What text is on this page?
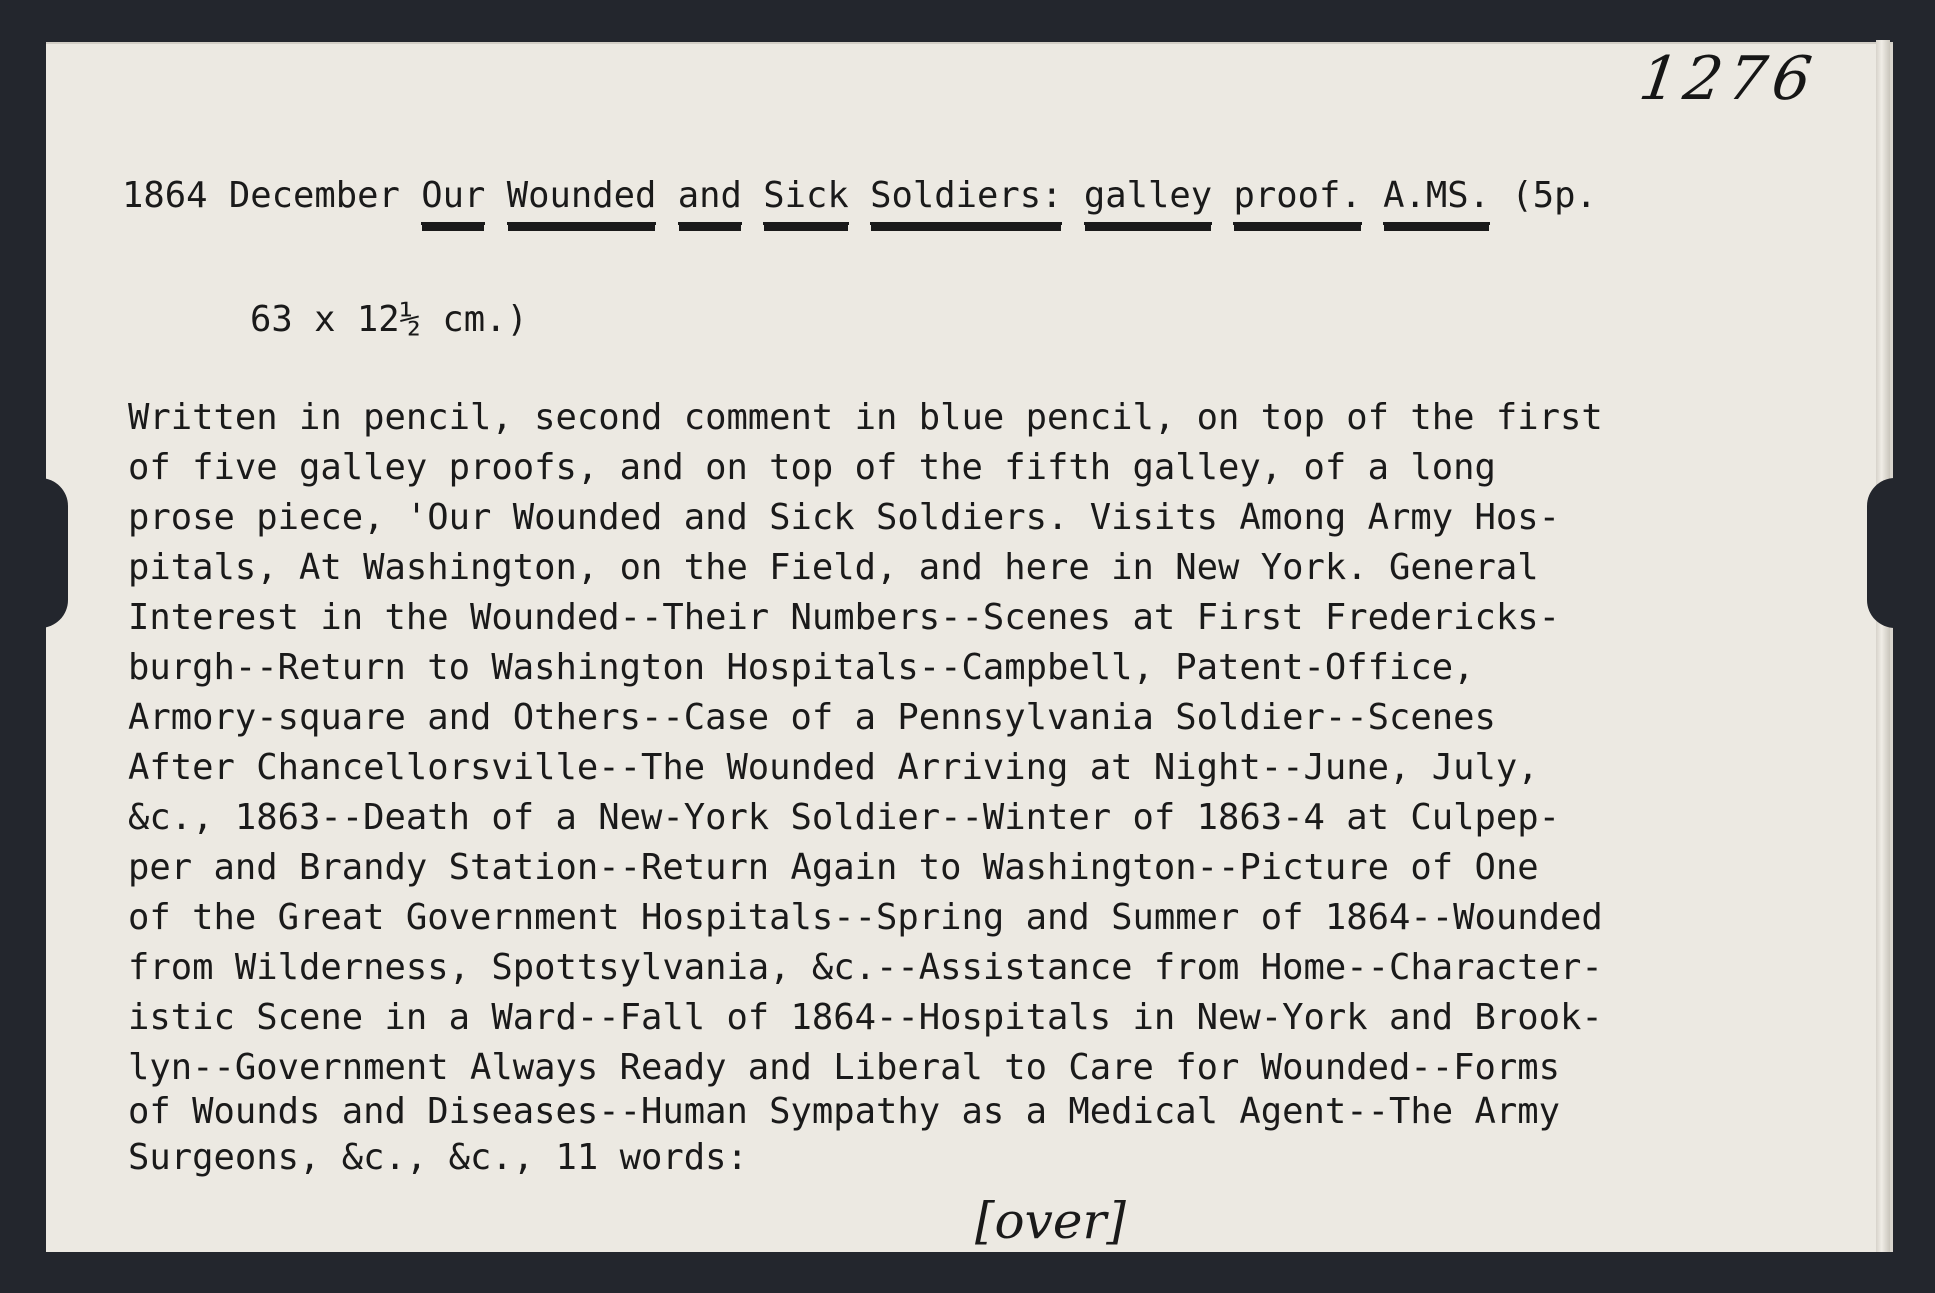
1276
1864 December Our Wounded and Sick Soldiers: galley proof. A.MS. (5p.
63 x 12½ cm.)
Written in pencil, second comment in blue pencil, on top of the first
of five galley proofs, and on top of the fifth galley, of a long
prose piece, 'Our Wounded and Sick Soldiers. Visits Among Army Hos-
pitals, At Washington, on the Field, and here in New York. General
Interest in the Wounded--Their Numbers--Scenes at First Fredericks-
burgh--Return to Washington Hospitals--Campbell, Patent-Office,
Armory-square and Others--Case of a Pennsylvania Soldier--Scenes
After Chancellorsville--The Wounded Arriving at Night--June, July,
&c., 1863--Death of a New-York Soldier--Winter of 1863-4 at Culpep-
per and Brandy Station--Return Again to Washington--Picture of One
of the Great Government Hospitals--Spring and Summer of 1864--Wounded
from Wilderness, Spottsylvania, &c.--Assistance from Home--Character-
istic Scene in a Ward--Fall of 1864--Hospitals in New-York and Brook-
lyn--Government Always Ready and Liberal to Care for Wounded--Forms
of Wounds and Diseases--Human Sympathy as a Medical Agent--The Army
Surgeons, &c., &c., 11 words:
[over]
